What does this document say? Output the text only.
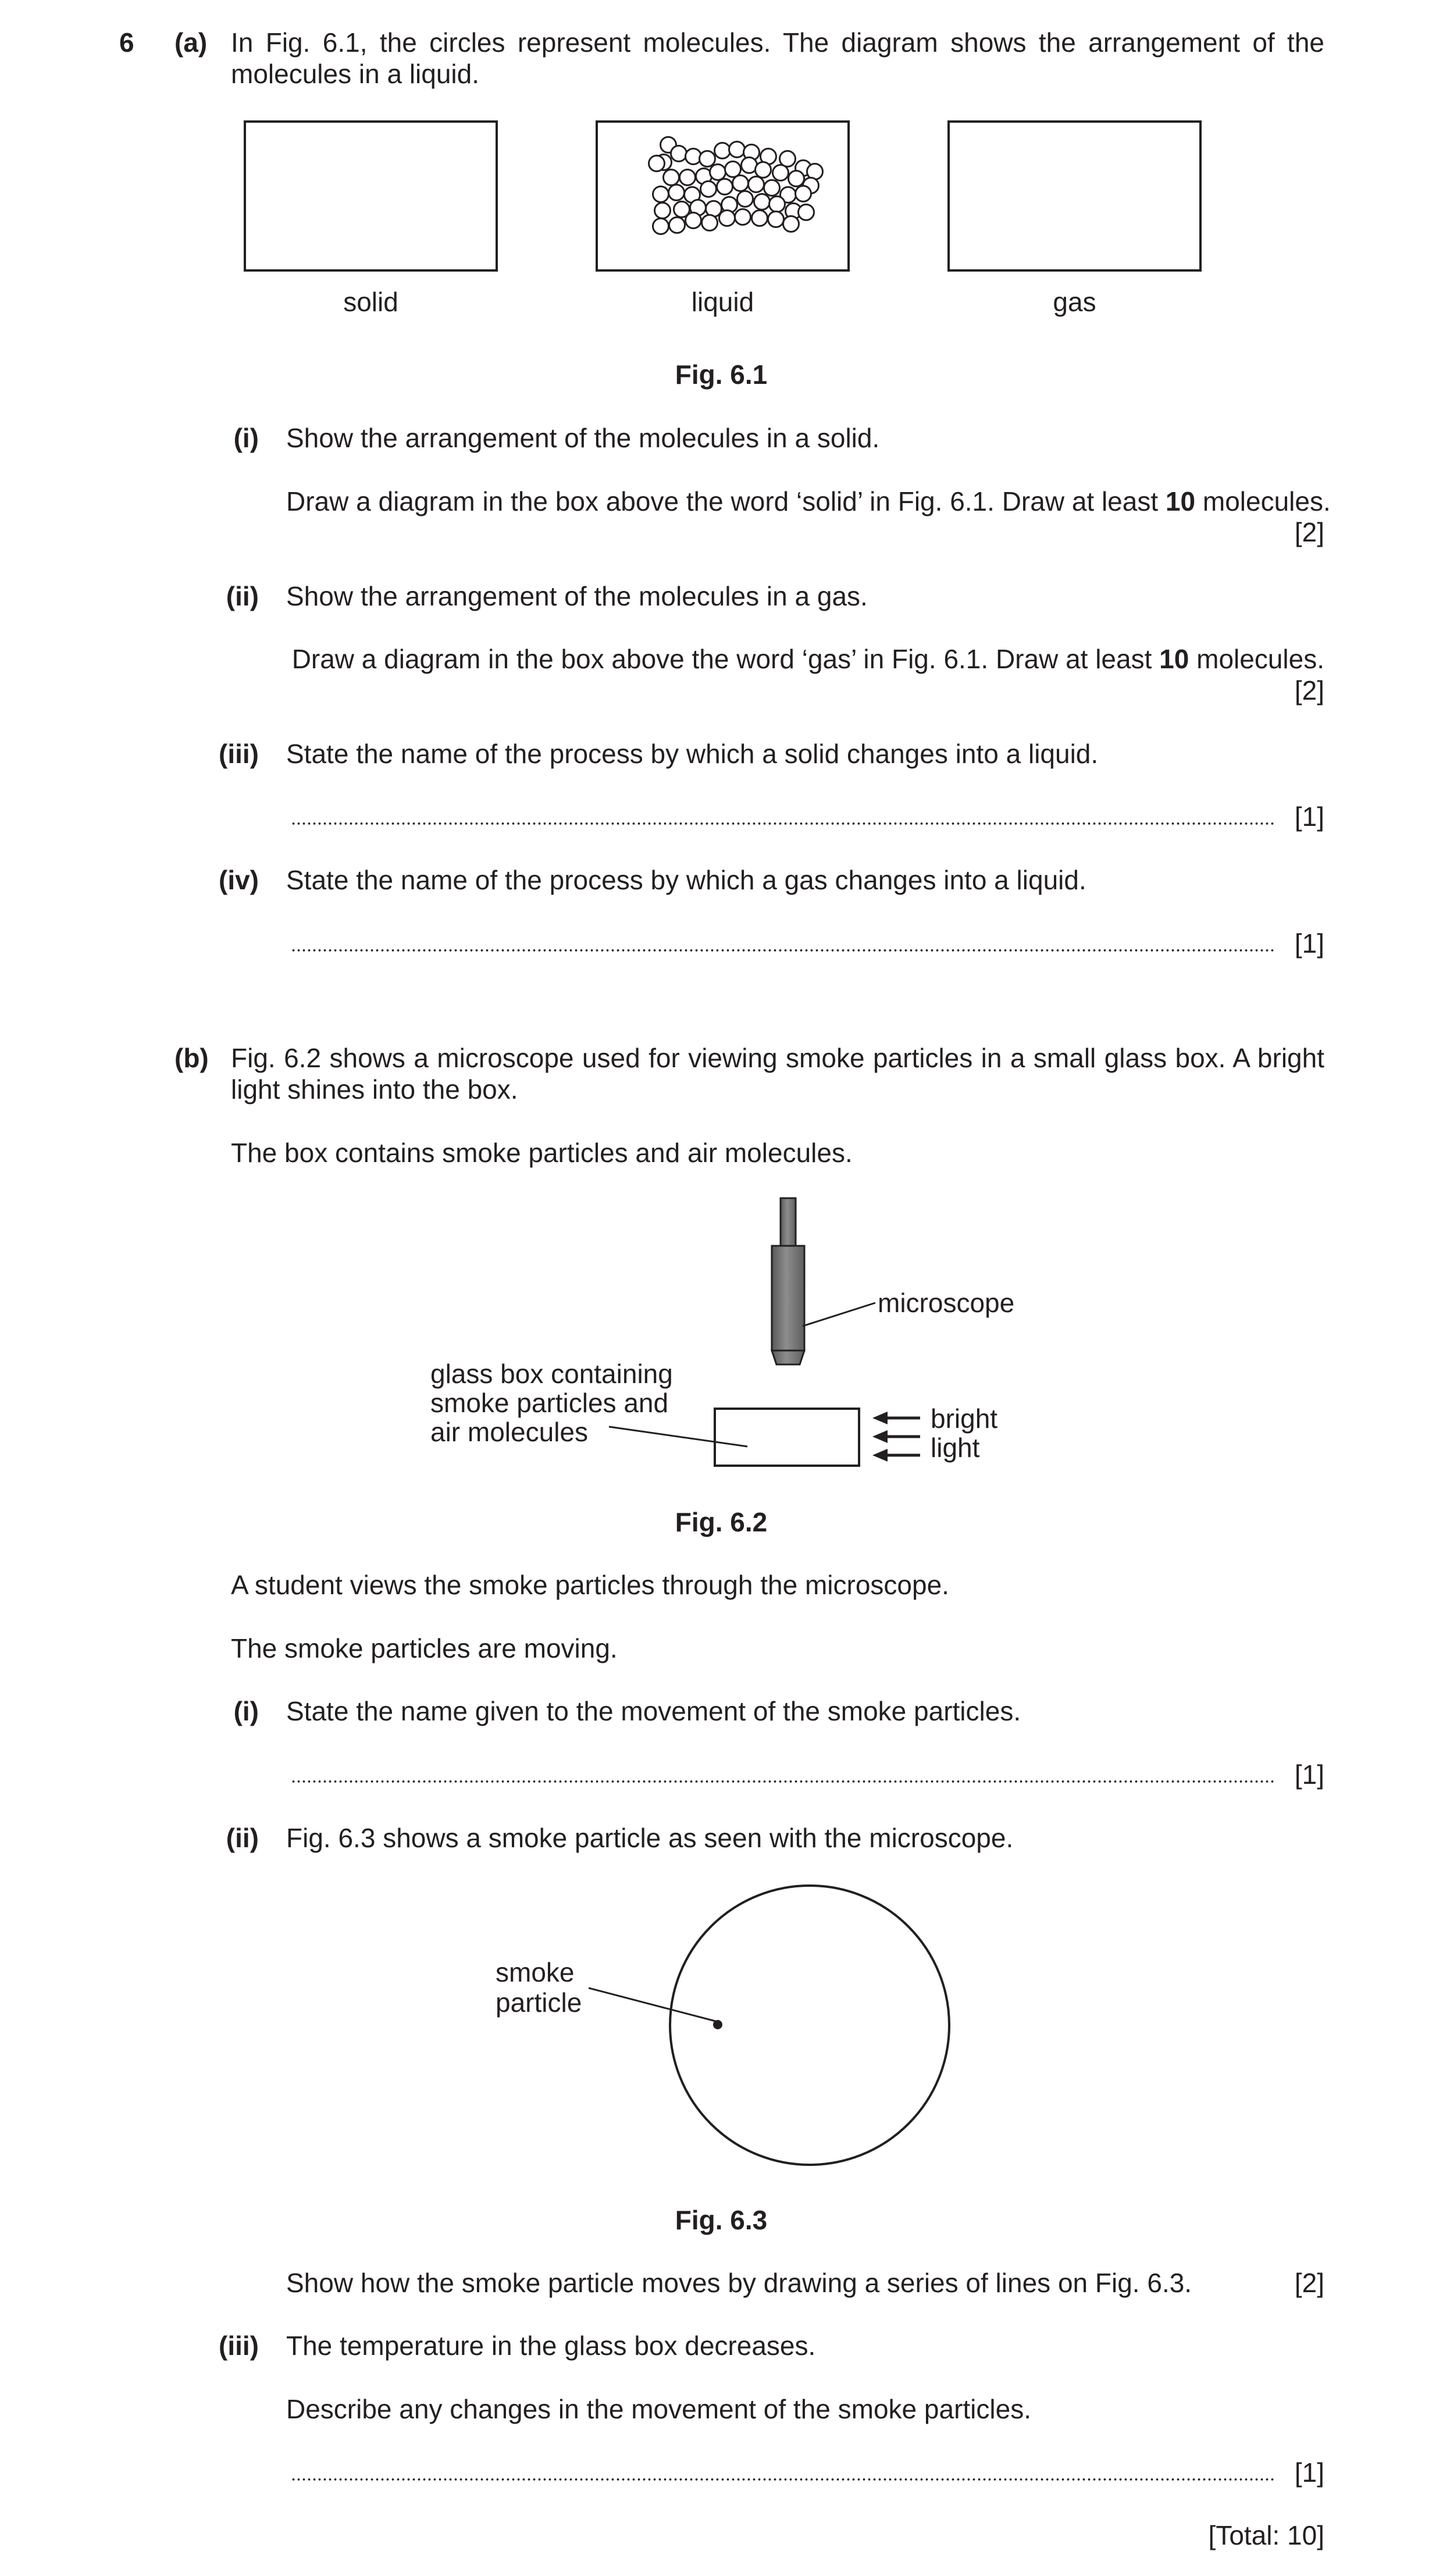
6 (a) In Fig. 6.1, the circles represent molecules. The diagram shows the arrangement of the
molecules in a liquid.
solid	liquid	gas
Fig. 6.1
(i) Show the arrangement of the molecules in a solid.
Draw a diagram in the box above the word ‘solid’ in Fig. 6.1. Draw at least 10 molecules.
[2]
(ii) Show the arrangement of the molecules in a gas.
Draw a diagram in the box above the word ‘gas’ in Fig. 6.1. Draw at least 10 molecules.
[2]
(iii) State the name of the process by which a solid changes into a liquid.
[1]
(iv) State the name of the process by which a gas changes into a liquid.
[1]
(b) Fig. 6.2 shows a microscope used for viewing smoke particles in a small glass box. A bright
light shines into the box.
The box contains smoke particles and air molecules.
microscope
glass box containing
smoke particles and
air molecules	bright
light
Fig. 6.2
A student views the smoke particles through the microscope.
The smoke particles are moving.
(i) State the name given to the movement of the smoke particles.
[1]
(ii) Fig. 6.3 shows a smoke particle as seen with the microscope.
smoke
particle
Fig. 6.3
Show how the smoke particle moves by drawing a series of lines on Fig. 6.3.	[2]
(iii) The temperature in the glass box decreases.
Describe any changes in the movement of the smoke particles.
[1]
[Total: 10]
